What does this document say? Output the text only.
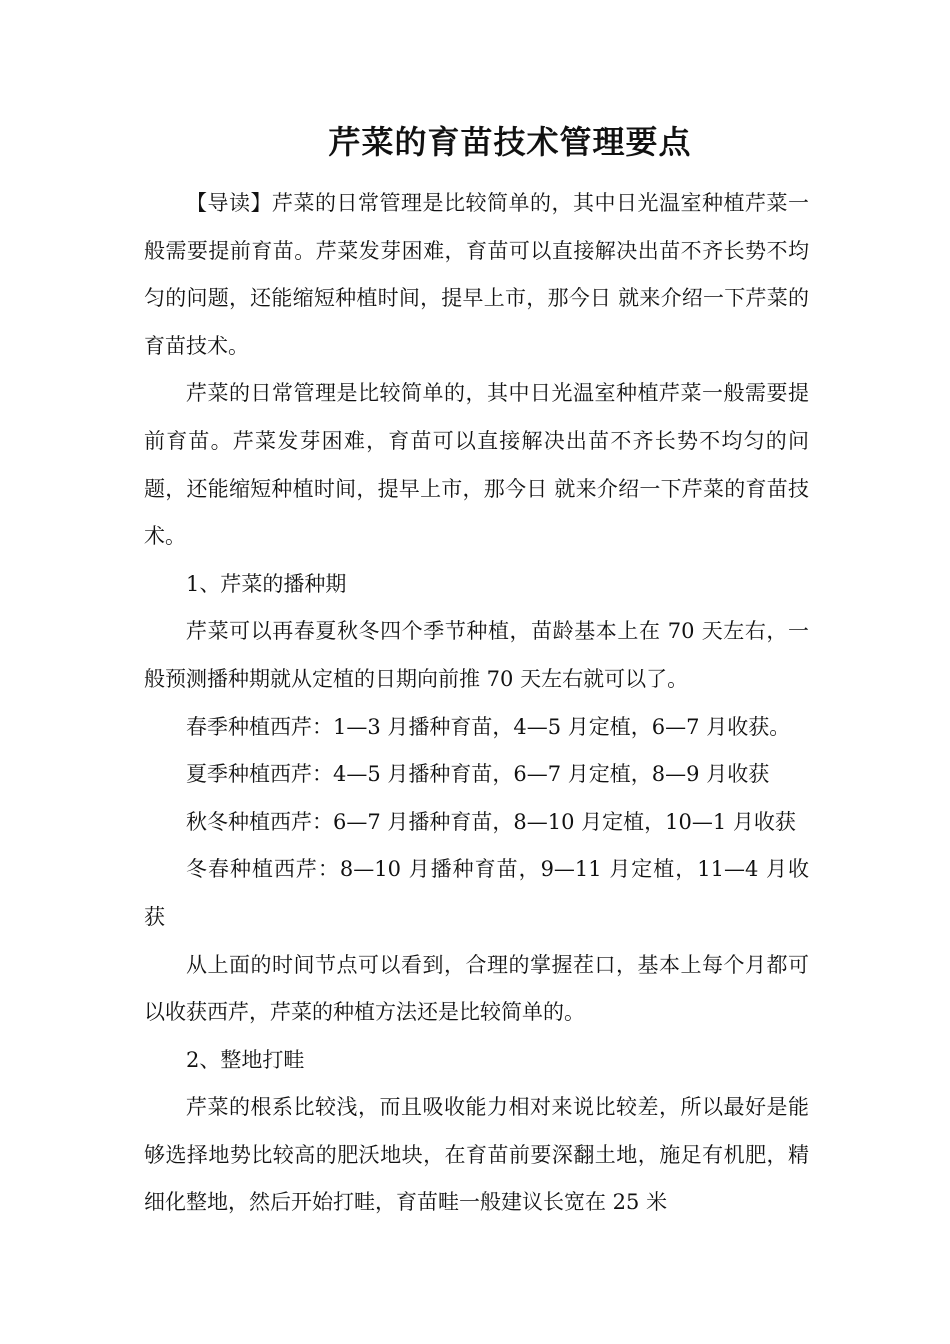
芹菜的育苗技术管理要点

【导读】芹菜的日常管理是比较简单的，其中日光温室种植芹菜一般需要提前育苗。芹菜发芽困难，育苗可以直接解决出苗不齐长势不均匀的问题，还能缩短种植时间，提早上市，那今日 就来介绍一下芹菜的育苗技术。

芹菜的日常管理是比较简单的，其中日光温室种植芹菜一般需要提前育苗。芹菜发芽困难，育苗可以直接解决出苗不齐长势不均匀的问题，还能缩短种植时间，提早上市，那今日 就来介绍一下芹菜的育苗技术。

1、芹菜的播种期

芹菜可以再春夏秋冬四个季节种植，苗龄基本上在 70 天左右，一般预测播种期就从定植的日期向前推 70 天左右就可以了。

春季种植西芹：1—3 月播种育苗，4—5 月定植，6—7 月收获。

夏季种植西芹：4—5 月播种育苗，6—7 月定植，8—9 月收获

秋冬种植西芹：6—7 月播种育苗，8—10 月定植，10—1 月收获

冬春种植西芹：8—10 月播种育苗，9—11 月定植，11—4 月收获

从上面的时间节点可以看到，合理的掌握茬口，基本上每个月都可以收获西芹，芹菜的种植方法还是比较简单的。

2、整地打畦

芹菜的根系比较浅，而且吸收能力相对来说比较差，所以最好是能够选择地势比较高的肥沃地块，在育苗前要深翻土地，施足有机肥，精细化整地，然后开始打畦，育苗畦一般建议长宽在 25 米
